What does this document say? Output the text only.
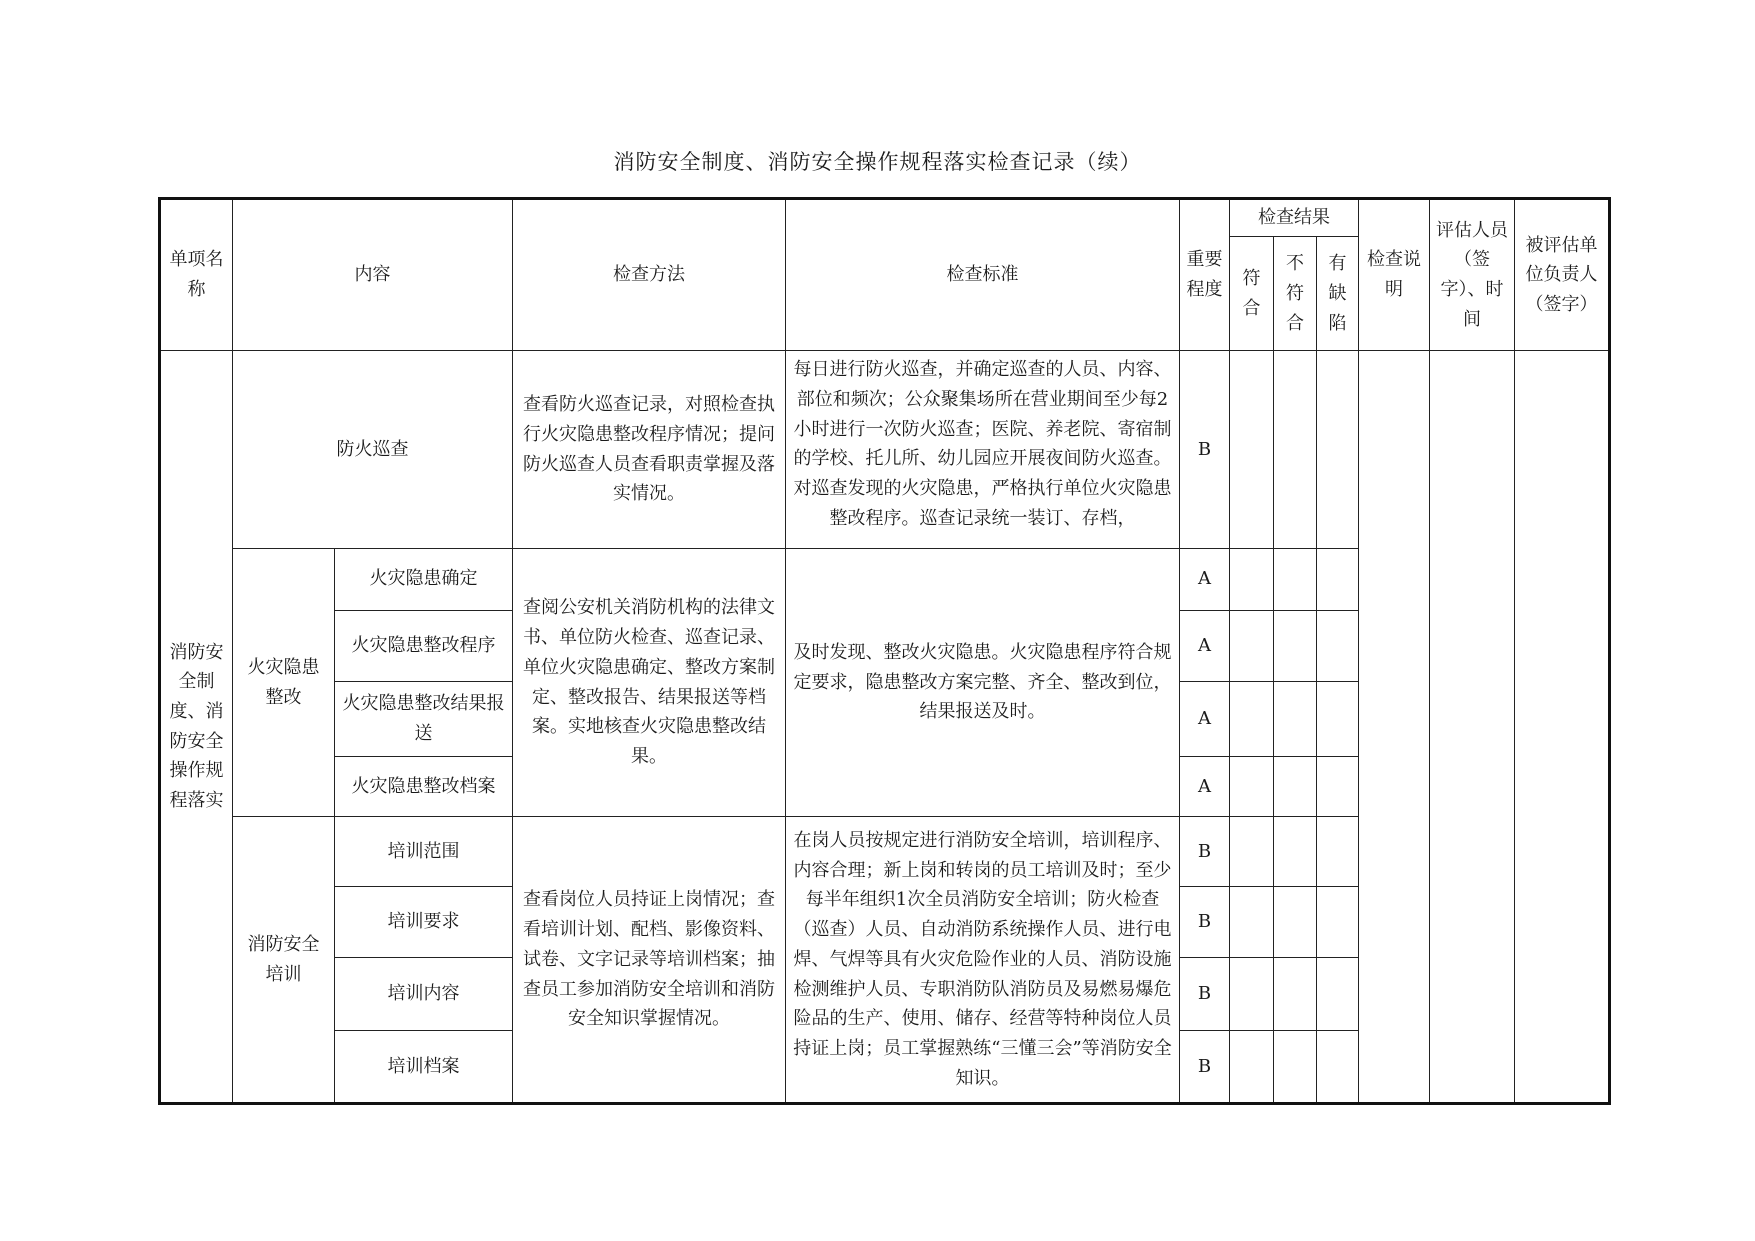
消防安全制度、消防安全操作规程落实检查记录（续）
单项名称	内容		检查方法	检查标准	重要程度	检查结果			检查说明	评估人员（签字）、时间	被评估单位负责人（签字）
						符合	不符合	有缺陷			
消防安全制度、消防安全操作规程落实	防火巡查		查看防火巡查记录，对照检查执行火灾隐患整改程序情况；提问防火巡查人员查看职责掌握及落实情况。	每日进行防火巡查，并确定巡查的人员、内容、部位和频次；公众聚集场所在营业期间至少每2 小时进行一次防火巡查；医院、养老院、寄宿制的学校、托儿所、幼儿园应开展夜间防火巡查。对巡查发现的火灾隐患，严格执行单位火灾隐患整改程序。巡查记录统一装订、存档，	B						
	火灾隐患整改	火灾隐患确定	查阅公安机关消防机构的法律文书、单位防火检查、巡查记录、单位火灾隐患确定、整改方案制定、整改报告、结果报送等档案。实地核查火灾隐患整改结果。	及时发现、整改火灾隐患。火灾隐患程序符合规定要求，隐患整改方案完整、齐全、整改到位，结果报送及时。	A						
		火灾隐患整改程序			A						
		火灾隐患整改结果报送			A						
		火灾隐患整改档案			A						
	消防安全培训	培训范围	查看岗位人员持证上岗情况；查看培训计划、配档、影像资料、试卷、文字记录等培训档案；抽查员工参加消防安全培训和消防安全知识掌握情况。	在岗人员按规定进行消防安全培训，培训程序、内容合理；新上岗和转岗的员工培训及时；至少每半年组织1次全员消防安全培训；防火检查（巡查）人员、自动消防系统操作人员、进行电焊、气焊等具有火灾危险作业的人员、消防设施检测维护人员、专职消防队消防员及易燃易爆危险品的生产、使用、储存、经营等特种岗位人员持证上岗；员工掌握熟练“三懂三会”等消防安全知识。	B						
		培训要求			B						
		培训内容			B						
		培训档案			B						
